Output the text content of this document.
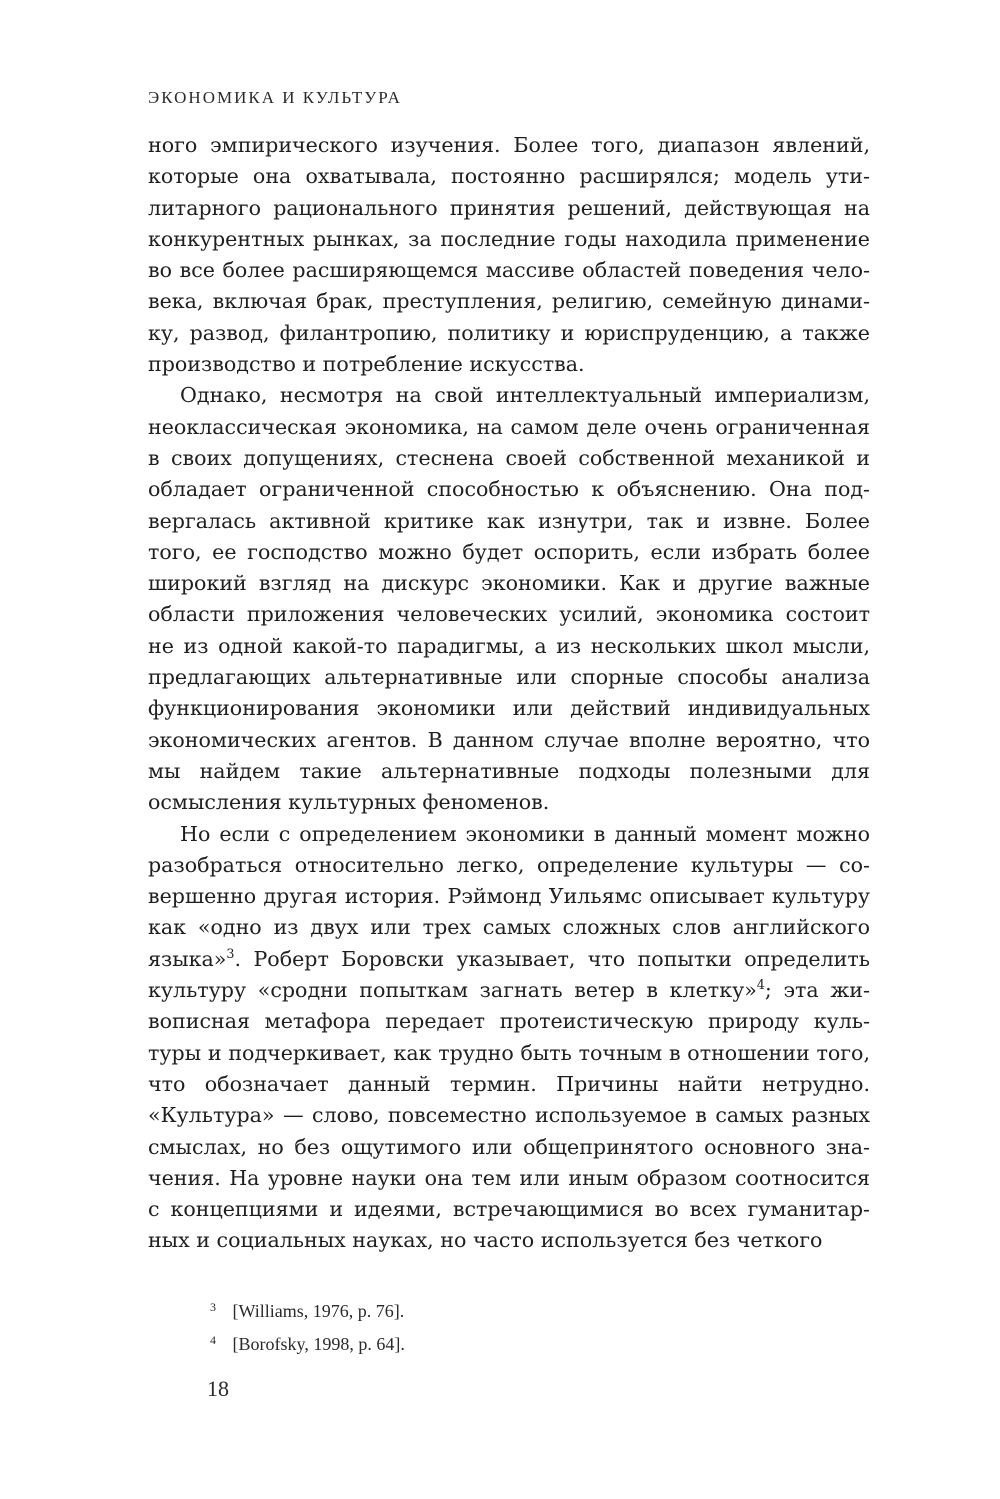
ЭКОНОМИКА И КУЛЬТУРА

ного эмпирического изучения. Более того, диапазон явлений, которые она охватывала, постоянно расширялся; модель утилитарного рационального принятия решений, действующая на конкурентных рынках, за последние годы находила применение во все более расширяющемся массиве областей поведения человека, включая брак, преступления, религию, семейную динамику, развод, филантропию, политику и юриспруденцию, а также производство и потребление искусства.

Однако, несмотря на свой интеллектуальный империализм, неоклассическая экономика, на самом деле очень ограниченная в своих допущениях, стеснена своей собственной механикой и обладает ограниченной способностью к объяснению. Она подвергалась активной критике как изнутри, так и извне. Более того, ее господство можно будет оспорить, если избрать более широкий взгляд на дискурс экономики. Как и другие важные области приложения человеческих усилий, экономика состоит не из одной какой-то парадигмы, а из нескольких школ мысли, предлагающих альтернативные или спорные способы анализа функционирования экономики или действий индивидуальных экономических агентов. В данном случае вполне вероятно, что мы найдем такие альтернативные подходы полезными для осмысления культурных феноменов.

Но если с определением экономики в данный момент можно разобраться относительно легко, определение культуры — совершенно другая история. Рэймонд Уильямс описывает культуру как «одно из двух или трех самых сложных слов английского языка»$^3$. Роберт Боровски указывает, что попытки определить культуру «сродни попыткам загнать ветер в клетку»$^4$; эта живописная метафора передает протеистическую природу культуры и подчеркивает, как трудно быть точным в отношении того, что обозначает данный термин. Причины найти нетрудно. «Культура» — слово, повсеместно используемое в самых разных смыслах, но без ощутимого или общепринятого основного значения. На уровне науки она тем или иным образом соотносится с концепциями и идеями, встречающимися во всех гуманитарных и социальных науках, но часто используется без четкого

3 [Williams, 1976, p. 76].
4 [Borofsky, 1998, p. 64].
18
